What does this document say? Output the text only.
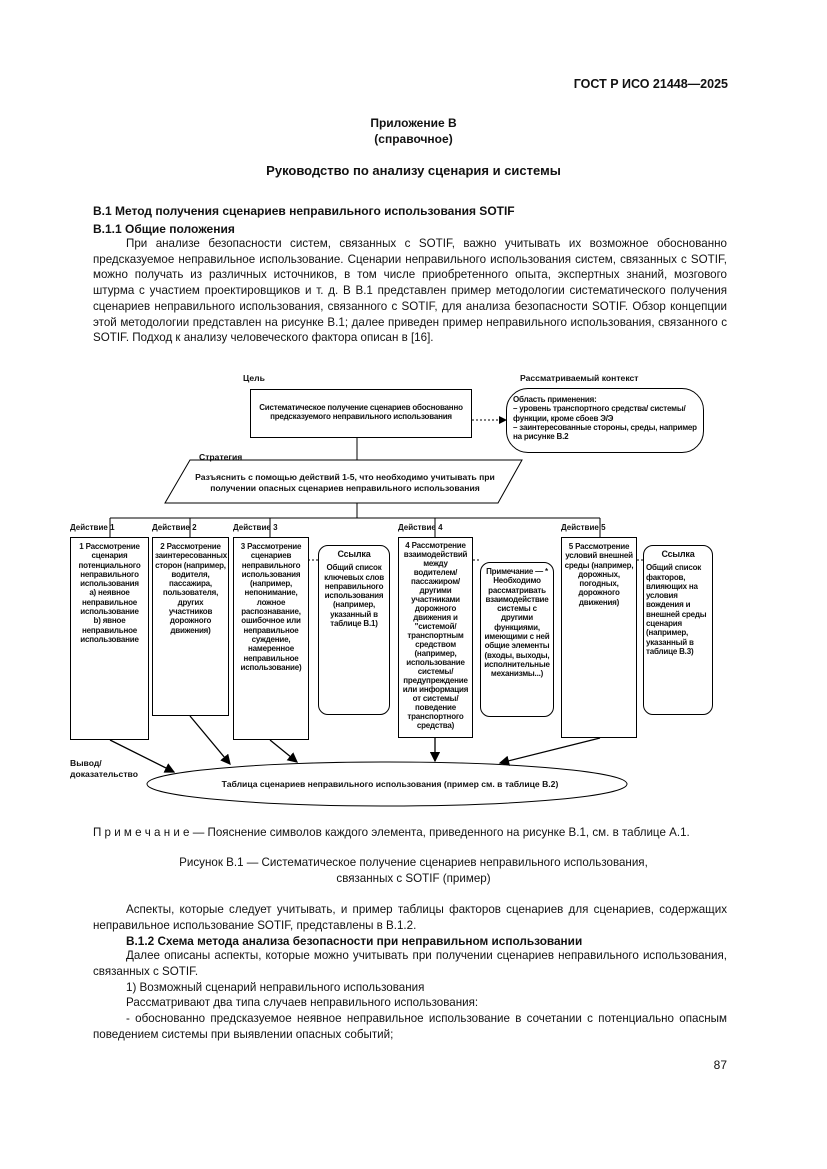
ГОСТ Р ИСО 21448—2025
Приложение В
(справочное)
Руководство по анализу сценария и системы
В.1 Метод получения сценариев неправильного использования SOTIF
В.1.1 Общие положения
При анализе безопасности систем, связанных с SOTIF, важно учитывать их возможное обоснованно предсказуемое неправильное использование. Сценарии неправильного использования систем, связанных с SOTIF, можно получать из различных источников, в том числе приобретенного опыта, экспертных знаний, мозгового штурма с участием проектировщиков и т. д. В В.1 представлен пример методологии систематического получения сценариев неправильного использования, связанного с SOTIF, для анализа безопасности SOTIF. Обзор концепции этой методологии представлен на рисунке В.1; далее приведен пример неправильного использования, связанного с SOTIF. Подход к анализу человеческого фактора описан в [16].
Цель	Рассматриваемый контекст
Систематическое получение сценариев обоснованно предсказуемого неправильного использования
Область применения:
– уровень транспортного средства/ системы/функции, кроме сбоев Э/Э
– заинтересованные стороны, среды, например на рисунке В.2
Стратегия
Разъяснить с помощью действий 1-5, что необходимо учитывать при получении опасных сценариев неправильного использования
Действие 1	Действие 2	Действие 3	Действие 4	Действие 5
1 Рассмотрение сценария потенциального неправильного использования
a) неявное неправильное использование
b) явное неправильное использование
2 Рассмотрение заинтересованных сторон (например, водителя, пассажира, пользователя, других участников дорожного движения)
3 Рассмотрение сценариев неправильного использования (например, непонимание, ложное распознавание, ошибочное или неправильное суждение, намеренное неправильное использование)
4 Рассмотрение взаимодействий между водителем/ пассажиром/ другими участниками дорожного движения и "системой/ транспортным средством (например, использование системы/ предупреждение или информация от системы/ поведение транспортного средства)
5 Рассмотрение условий внешней среды (например, дорожных, погодных, дорожного движения)
Ссылка
Общий список ключевых слов неправильного использования (например, указанный в таблице В.1)
Примечание — * Необходимо рассматривать взаимодействие системы с другими функциями, имеющими с ней общие элементы (входы, выходы, исполнительные механизмы...)
Ссылка
Общий список факторов, влияющих на условия вождения и внешней среды сценария (например, указанный в таблице В.3)
Вывод/ доказательство
Таблица сценариев неправильного использования (пример см. в таблице В.2)
П р и м е ч а н и е — Пояснение символов каждого элемента, приведенного на рисунке В.1, см. в таблице А.1.
Рисунок В.1 — Систематическое получение сценариев неправильного использования,
связанных с SOTIF (пример)
Аспекты, которые следует учитывать, и пример таблицы факторов сценариев для сценариев, содержащих неправильное использование SOTIF, представлены в В.1.2.
В.1.2 Схема метода анализа безопасности при неправильном использовании
Далее описаны аспекты, которые можно учитывать при получении сценариев неправильного использования, связанных с SOTIF.
1) Возможный сценарий неправильного использования
Рассматривают два типа случаев неправильного использования:
- обоснованно предсказуемое неявное неправильное использование в сочетании с потенциально опасным поведением системы при выявлении опасных событий;
87
